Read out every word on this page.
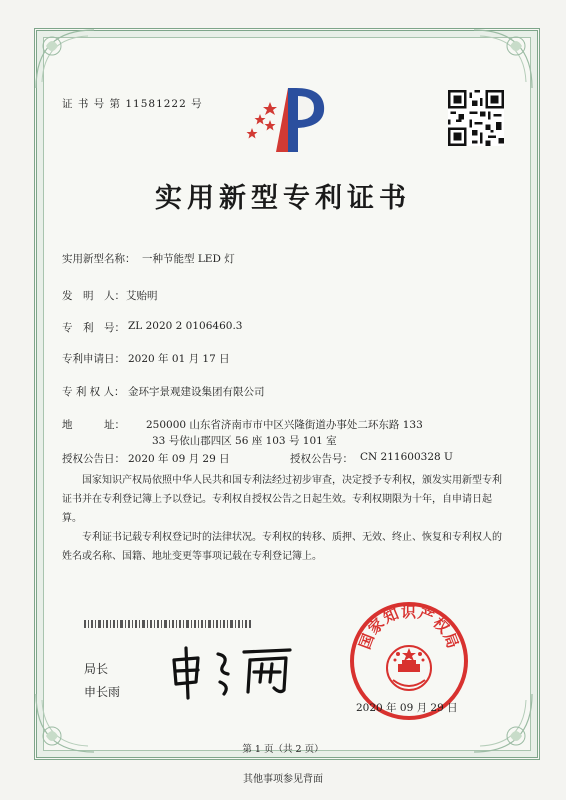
证 书 号 第 11581222 号
实用新型专利证书
实用新型名称： 一种节能型 LED 灯
发　明　人： 艾贻明
专　利　号： ZL 2020 2 0106460.3
专利申请日： 2020 年 01 月 17 日
专 利 权 人： 金环宇景观建设集团有限公司
地　　　址： 250000 山东省济南市市中区兴隆街道办事处二环东路 133
33 号依山郡四区 56 座 103 号 101 室
授权公告日： 2020 年 09 月 29 日	授权公告号： CN 211600328 U
国家知识产权局依照中华人民共和国专利法经过初步审查，决定授予专利权，颁发实用新型专利证书并在专利登记簿上予以登记。专利权自授权公告之日起生效。专利权期限为十年，自申请日起算。
专利证书记载专利权登记时的法律状况。专利权的转移、质押、无效、终止、恢复和专利权人的姓名或名称、国籍、地址变更等事项记载在专利登记簿上。
局长
申长雨
国家知识产权局
2020 年 09 月 29 日
第 1 页（共 2 页）
其他事项参见背面
